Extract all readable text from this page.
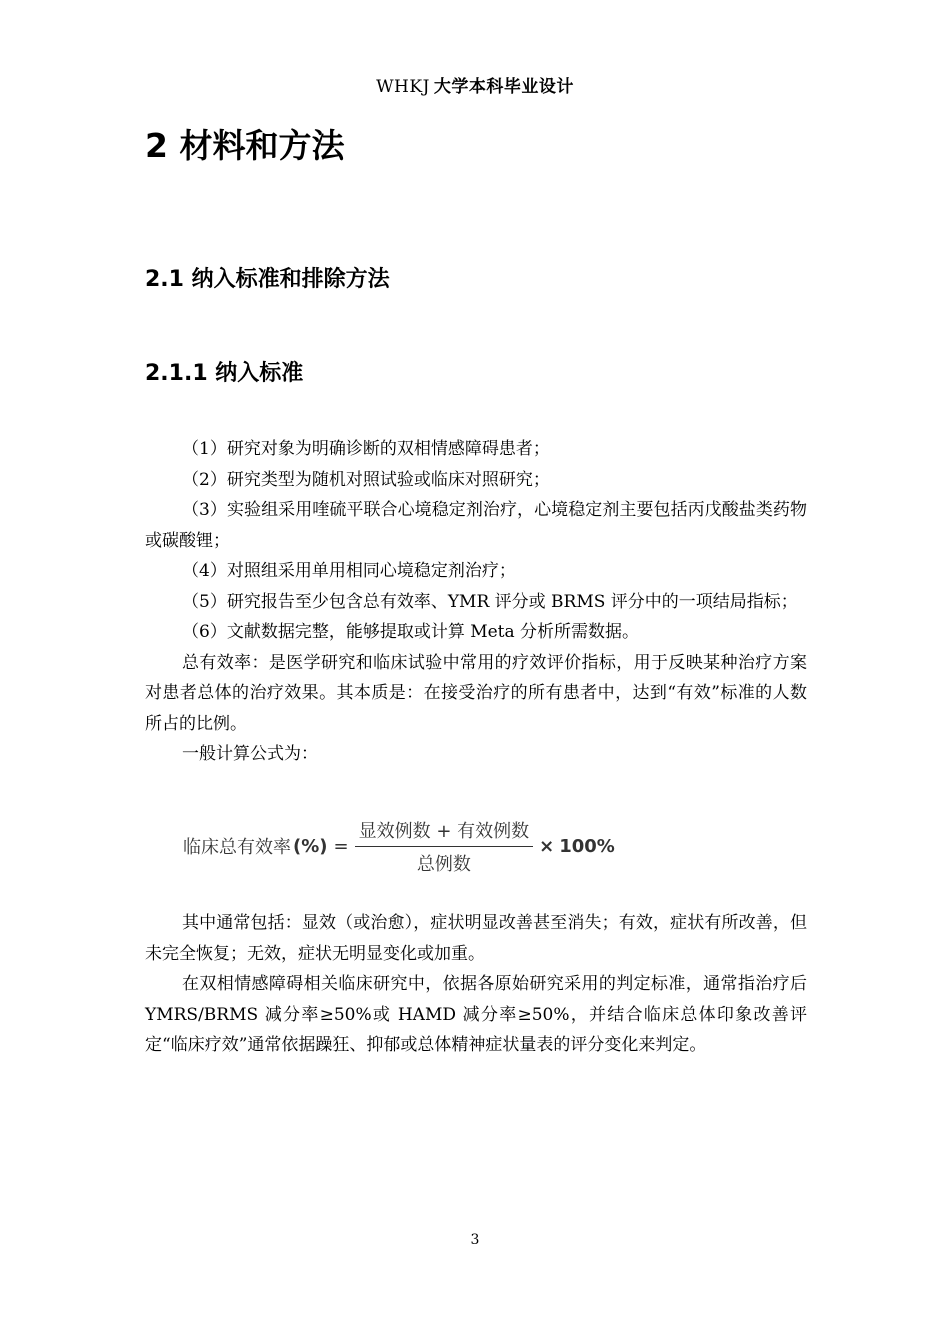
WHKJ 大学本科毕业设计
2 材料和方法
2.1 纳入标准和排除方法
2.1.1 纳入标准

（1）研究对象为明确诊断的双相情感障碍患者；

（2）研究类型为随机对照试验或临床对照研究；

（3）实验组采用喹硫平联合心境稳定剂治疗，心境稳定剂主要包括丙戊酸盐类药物或碳酸锂；

（4）对照组采用单用相同心境稳定剂治疗；

（5）研究报告至少包含总有效率、YMR 评分或 BRMS 评分中的一项结局指标；

（6）文献数据完整，能够提取或计算 Meta 分析所需数据。

总有效率：是医学研究和临床试验中常用的疗效评价指标，用于反映某种治疗方案对患者总体的治疗效果。其本质是：在接受治疗的所有患者中，达到“有效”标准的人数所占的比例。

一般计算公式为：

临床总有效率 (%) = $\frac{\text{显效例数 + 有效例数}}{\text{总例数}} \times 100\%$

其中通常包括：显效（或治愈），症状明显改善甚至消失；有效，症状有所改善，但未完全恢复；无效，症状无明显变化或加重。

在双相情感障碍相关临床研究中，依据各原始研究采用的判定标准，通常指治疗后 YMRS/BRMS 减分率≥50%或 HAMD 减分率≥50%，并结合临床总体印象改善评定“临床疗效”通常依据躁狂、抑郁或总体精神症状量表的评分变化来判定。

3
